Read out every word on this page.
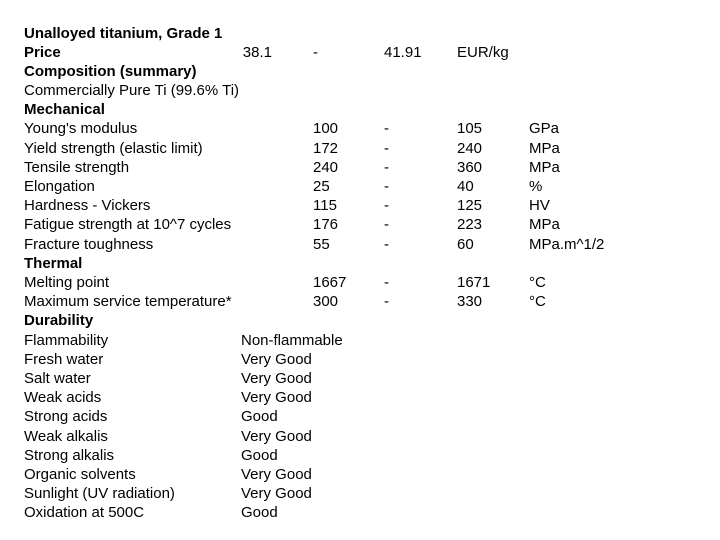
Unalloyed titanium, Grade 1
Price	38.1	-	41.91 EUR/kg
Composition (summary)
Commercially Pure Ti (99.6% Ti)
Mechanical
Young's modulus	100	-	105	GPa
Yield strength (elastic limit)	172	-	240	MPa
Tensile strength	240	-	360	MPa
Elongation	25	-	40	%
Hardness - Vickers	115	-	125	HV
Fatigue strength at 10^7 cycles	176	-	223	MPa
Fracture toughness	55	-	60	MPa.m^1/2
Thermal
Melting point	1667	-	1671	°C
Maximum service temperature*	300	-	330	°C
Durability
Flammability	Non-flammable
Fresh water	Very Good
Salt water	Very Good
Weak acids	Very Good
Strong acids	Good
Weak alkalis	Very Good
Strong alkalis	Good
Organic solvents	Very Good
Sunlight (UV radiation)	Very Good
Oxidation at 500C	Good
